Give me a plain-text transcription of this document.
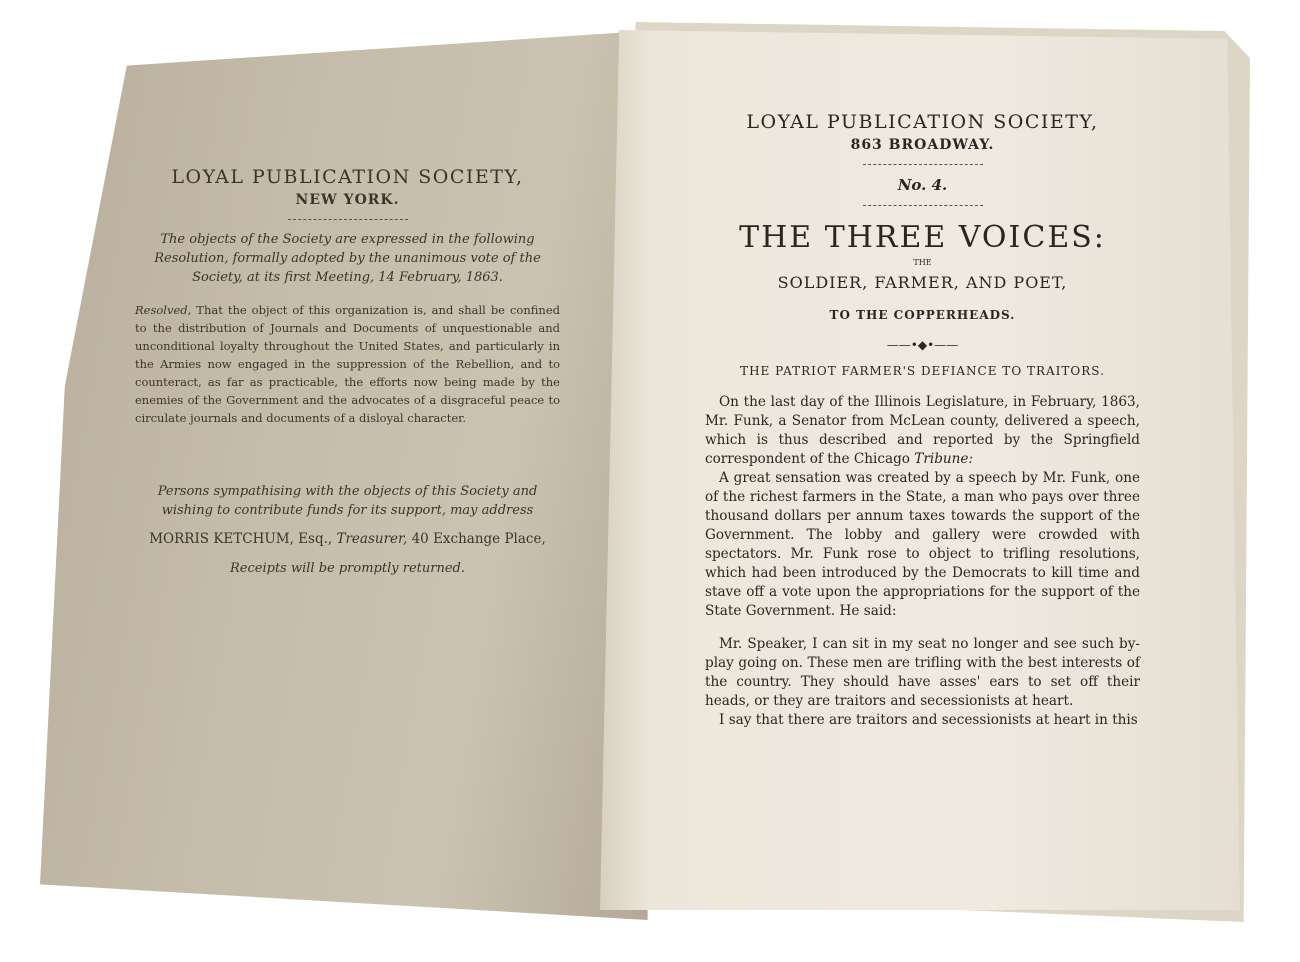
LOYAL PUBLICATION SOCIETY,
NEW YORK.
The objects of the Society are expressed in the following Resolution, formally adopted by the unanimous vote of the Society, at its first Meeting, 14 February, 1863.
Resolved, That the object of this organization is, and shall be confined to the distribution of Journals and Documents of unquestionable and unconditional loyalty throughout the United States, and particularly in the Armies now engaged in the suppression of the Rebellion, and to counteract, as far as practicable, the efforts now being made by the enemies of the Government and the advocates of a disgraceful peace to circulate journals and documents of a disloyal character.
Persons sympathising with the objects of this Society and wishing to contribute funds for its support, may address
MORRIS KETCHUM, Esq., Treasurer, 40 Exchange Place,
Receipts will be promptly returned.
LOYAL PUBLICATION SOCIETY,
863 BROADWAY.
No. 4.
THE THREE VOICES:
THE
SOLDIER, FARMER, AND POET,
TO THE COPPERHEADS.
——•◆•——
THE PATRIOT FARMER'S DEFIANCE TO TRAITORS.

On the last day of the Illinois Legislature, in February, 1863, Mr. Funk, a Senator from McLean county, delivered a speech, which is thus described and reported by the Springfield correspondent of the Chicago Tribune:

A great sensation was created by a speech by Mr. Funk, one of the richest farmers in the State, a man who pays over three thousand dollars per annum taxes towards the support of the Government. The lobby and gallery were crowded with spectators. Mr. Funk rose to object to trifling resolutions, which had been introduced by the Democrats to kill time and stave off a vote upon the appropriations for the support of the State Government. He said:

Mr. Speaker, I can sit in my seat no longer and see such by-play going on. These men are trifling with the best interests of the country. They should have asses' ears to set off their heads, or they are traitors and secessionists at heart.

I say that there are traitors and secessionists at heart in this
